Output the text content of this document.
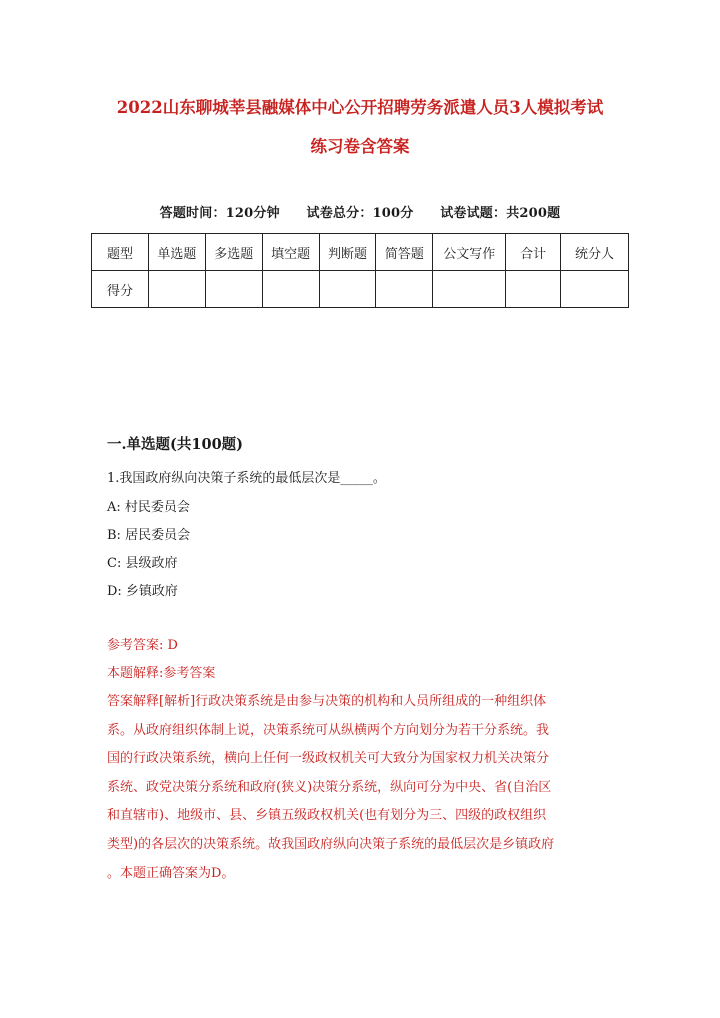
2022山东聊城莘县融媒体中心公开招聘劳务派遣人员3人模拟考试
练习卷含答案
答题时间：120分钟 试卷总分：100分 试卷试题：共200题
题型	单选题	多选题	填空题	判断题	简答题	公文写作	合计	统分人
得分								
一.单选题(共100题)
1.我国政府纵向决策子系统的最低层次是_____。
A: 村民委员会
B: 居民委员会
C: 县级政府
D: 乡镇政府
参考答案: D
本题解释:参考答案
答案解释[解析]行政决策系统是由参与决策的机构和人员所组成的一种组织体
系。从政府组织体制上说，决策系统可从纵横两个方向划分为若干分系统。我
国的行政决策系统，横向上任何一级政权机关可大致分为国家权力机关决策分
系统、政党决策分系统和政府(狭义)决策分系统，纵向可分为中央、省(自治区
和直辖市)、地级市、县、乡镇五级政权机关(也有划分为三、四级的政权组织
类型)的各层次的决策系统。故我国政府纵向决策子系统的最低层次是乡镇政府
。本题正确答案为D。
